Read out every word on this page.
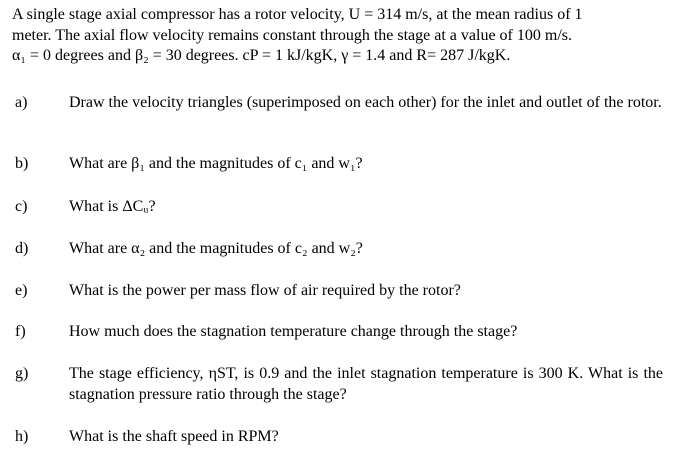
A single stage axial compressor has a rotor velocity, U = 314 m/s, at the mean radius of 1

meter. The axial flow velocity remains constant through the stage at a value of 100 m/s.

α₁ = 0 degrees and β₂ = 30 degrees. cP = 1 kJ/kgK, γ = 1.4 and R= 287 J/kgK.

a)	Draw the velocity triangles (superimposed on each other) for the inlet and outlet of the rotor.
b)	What are β₁ and the magnitudes of c₁ and w₁?
c)	What is ΔCᵤ?
d)	What are α₂ and the magnitudes of c₂ and w₂?
e)	What is the power per mass flow of air required by the rotor?
f)	How much does the stagnation temperature change through the stage?
g)	The stage efficiency, ηST, is 0.9 and the inlet stagnation temperature is 300 K. What is the stagnation pressure ratio through the stage?
h)	What is the shaft speed in RPM?
